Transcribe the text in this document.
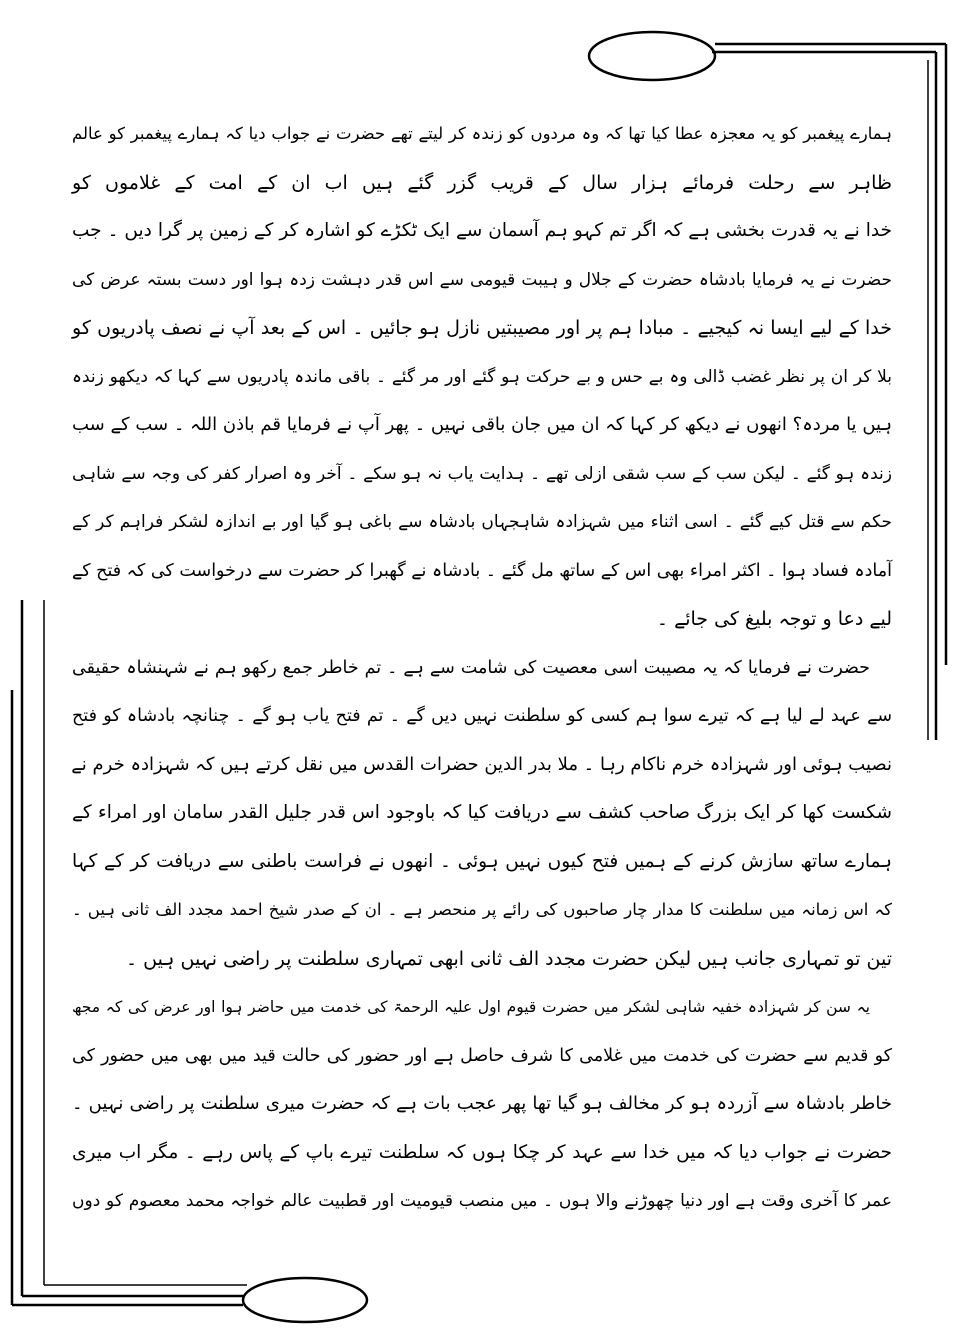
ہمارے پیغمبر کو یہ معجزہ عطا کیا تھا کہ وہ مردوں کو زندہ کر لیتے تھے حضرت نے جواب دیا کہ ہمارے پیغمبر کو عالم
ظاہر سے رحلت فرمائے ہزار سال کے قریب گزر گئے ہیں اب ان کے امت کے غلاموں کو
خدا نے یہ قدرت بخشی ہے کہ اگر تم کہو ہم آسمان سے ایک ٹکڑے کو اشارہ کر کے زمین پر گرا دیں ۔ جب
حضرت نے یہ فرمایا بادشاہ حضرت کے جلال و ہیبت قیومی سے اس قدر دہشت زدہ ہوا اور دست بستہ عرض کی
خدا کے لیے ایسا نہ کیجیے ۔ مبادا ہم پر اور مصیبتیں نازل ہو جائیں ۔ اس کے بعد آپ نے نصف پادریوں کو
بلا کر ان پر نظر غضب ڈالی وہ بے حس و بے حرکت ہو گئے اور مر گئے ۔ باقی ماندہ پادریوں سے کہا کہ دیکھو زندہ
ہیں یا مردہ؟ انھوں نے دیکھ کر کہا کہ ان میں جان باقی نہیں ۔ پھر آپ نے فرمایا قم باذن اللہ ۔ سب کے سب
زندہ ہو گئے ۔ لیکن سب کے سب شقی ازلی تھے ۔ ہدایت یاب نہ ہو سکے ۔ آخر وہ اصرار کفر کی وجہ سے شاہی
حکم سے قتل کیے گئے ۔ اسی اثناء میں شہزادہ شاہجہاں بادشاہ سے باغی ہو گیا اور بے اندازہ لشکر فراہم کر کے
آمادہ فساد ہوا ۔ اکثر امراء بھی اس کے ساتھ مل گئے ۔ بادشاہ نے گھبرا کر حضرت سے درخواست کی کہ فتح کے
لیے دعا و توجہ بلیغ کی جائے ۔
حضرت نے فرمایا کہ یہ مصیبت اسی معصیت کی شامت سے ہے ۔ تم خاطر جمع رکھو ہم نے شہنشاہ حقیقی
سے عہد لے لیا ہے کہ تیرے سوا ہم کسی کو سلطنت نہیں دیں گے ۔ تم فتح یاب ہو گے ۔ چنانچہ بادشاہ کو فتح
نصیب ہوئی اور شہزادہ خرم ناکام رہا ۔ ملا بدر الدین حضرات القدس میں نقل کرتے ہیں کہ شہزادہ خرم نے
شکست کھا کر ایک بزرگ صاحب کشف سے دریافت کیا کہ باوجود اس قدر جلیل القدر سامان اور امراء کے
ہمارے ساتھ سازش کرنے کے ہمیں فتح کیوں نہیں ہوئی ۔ انھوں نے فراست باطنی سے دریافت کر کے کہا
کہ اس زمانہ میں سلطنت کا مدار چار صاحبوں کی رائے پر منحصر ہے ۔ ان کے صدر شیخ احمد مجدد الف ثانی ہیں ۔
تین تو تمہاری جانب ہیں لیکن حضرت مجدد الف ثانی ابھی تمہاری سلطنت پر راضی نہیں ہیں ۔
یہ سن کر شہزادہ خفیہ شاہی لشکر میں حضرت قیوم اول علیہ الرحمۃ کی خدمت میں حاضر ہوا اور عرض کی کہ مجھ
کو قدیم سے حضرت کی خدمت میں غلامی کا شرف حاصل ہے اور حضور کی حالت قید میں بھی میں حضور کی
خاطر بادشاہ سے آزردہ ہو کر مخالف ہو گیا تھا پھر عجب بات ہے کہ حضرت میری سلطنت پر راضی نہیں ۔
حضرت نے جواب دیا کہ میں خدا سے عہد کر چکا ہوں کہ سلطنت تیرے باپ کے پاس رہے ۔ مگر اب میری
عمر کا آخری وقت ہے اور دنیا چھوڑنے والا ہوں ۔ میں منصب قیومیت اور قطبیت عالم خواجہ محمد معصوم کو دوں
